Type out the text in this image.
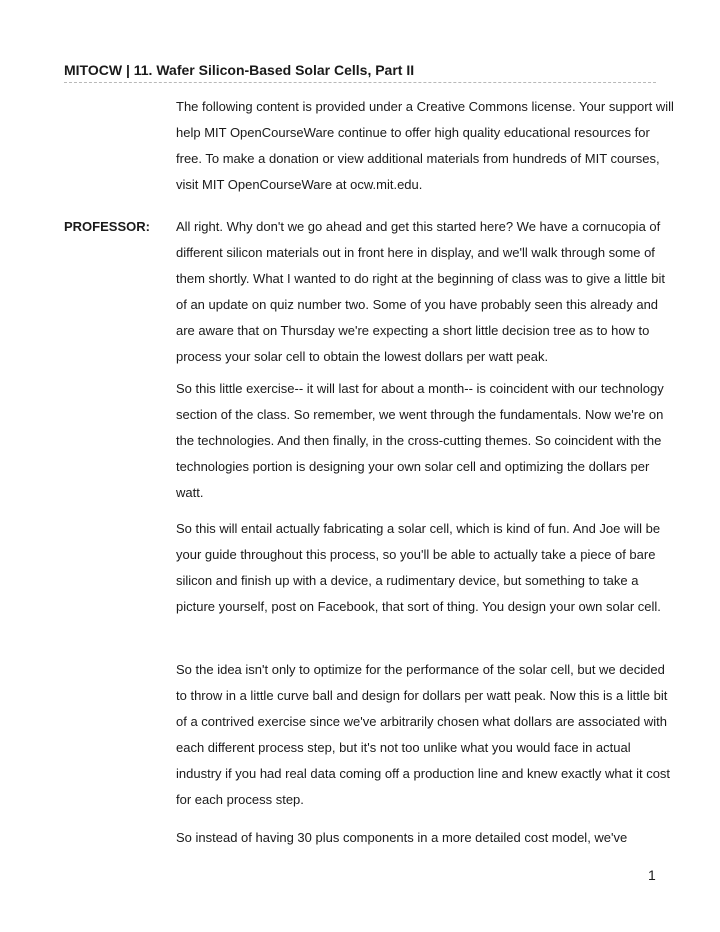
MITOCW | 11. Wafer Silicon-Based Solar Cells, Part II

The following content is provided under a Creative Commons license. Your support will help MIT OpenCourseWare continue to offer high quality educational resources for free. To make a donation or view additional materials from hundreds of MIT courses, visit MIT OpenCourseWare at ocw.mit.edu.

PROFESSOR: All right. Why don't we go ahead and get this started here? We have a cornucopia of different silicon materials out in front here in display, and we'll walk through some of them shortly. What I wanted to do right at the beginning of class was to give a little bit of an update on quiz number two. Some of you have probably seen this already and are aware that on Thursday we're expecting a short little decision tree as to how to process your solar cell to obtain the lowest dollars per watt peak.

So this little exercise-- it will last for about a month-- is coincident with our technology section of the class. So remember, we went through the fundamentals. Now we're on the technologies. And then finally, in the cross-cutting themes. So coincident with the technologies portion is designing your own solar cell and optimizing the dollars per watt.

So this will entail actually fabricating a solar cell, which is kind of fun. And Joe will be your guide throughout this process, so you'll be able to actually take a piece of bare silicon and finish up with a device, a rudimentary device, but something to take a picture yourself, post on Facebook, that sort of thing. You design your own solar cell.

So the idea isn't only to optimize for the performance of the solar cell, but we decided to throw in a little curve ball and design for dollars per watt peak. Now this is a little bit of a contrived exercise since we've arbitrarily chosen what dollars are associated with each different process step, but it's not too unlike what you would face in actual industry if you had real data coming off a production line and knew exactly what it cost for each process step.

So instead of having 30 plus components in a more detailed cost model, we've

1
